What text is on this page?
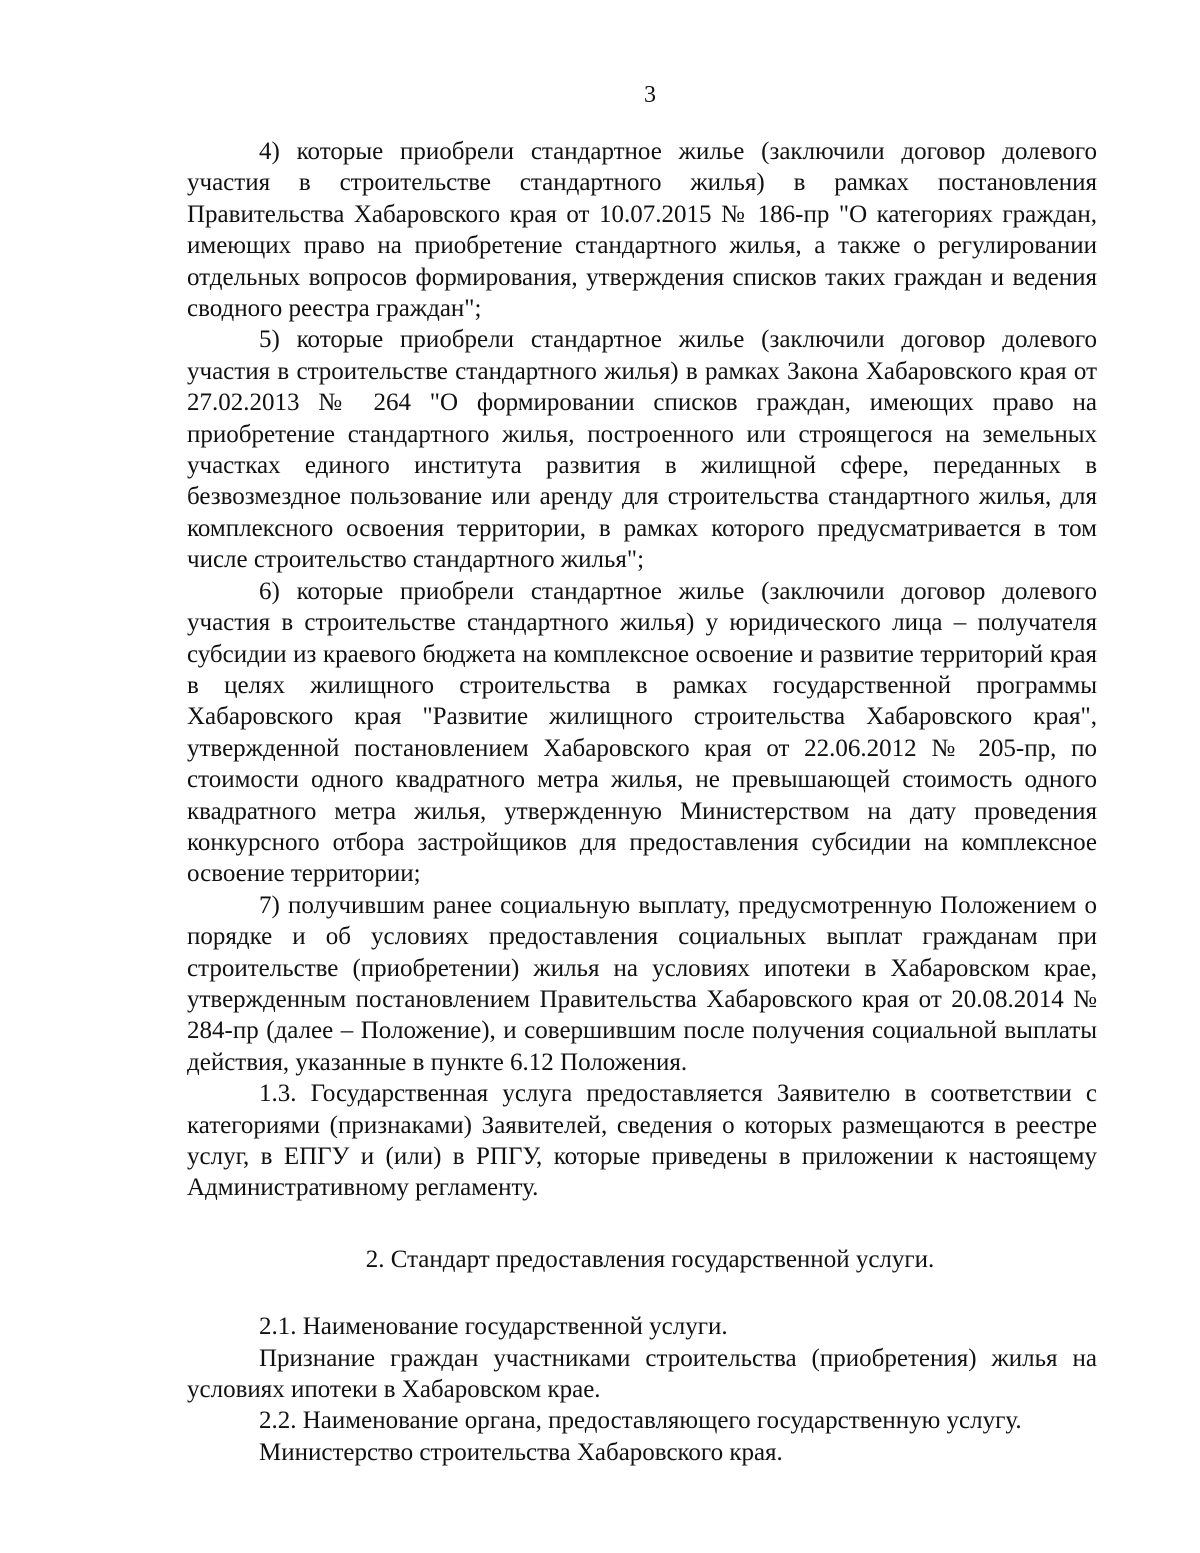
3

4) которые приобрели стандартное жилье (заключили договор долевого участия в строительстве стандартного жилья) в рамках постановления Правительства Хабаровского края от 10.07.2015 № 186-пр "О категориях граждан, имеющих право на приобретение стандартного жилья, а также о регулировании отдельных вопросов формирования, утверждения списков таких граждан и ведения сводного реестра граждан";

5) которые приобрели стандартное жилье (заключили договор долевого участия в строительстве стандартного жилья) в рамках Закона Хабаровского края от 27.02.2013 № 264 "О формировании списков граждан, имеющих право на приобретение стандартного жилья, построенного или строящегося на земельных участках единого института развития в жилищной сфере, переданных в безвозмездное пользование или аренду для строительства стандартного жилья, для комплексного освоения территории, в рамках которого предусматривается в том числе строительство стандартного жилья";

6) которые приобрели стандартное жилье (заключили договор долевого участия в строительстве стандартного жилья) у юридического лица – получателя субсидии из краевого бюджета на комплексное освоение и развитие территорий края в целях жилищного строительства в рамках государственной программы Хабаровского края "Развитие жилищного строительства Хабаровского края", утвержденной постановлением Хабаровского края от 22.06.2012 № 205-пр, по стоимости одного квадратного метра жилья, не превышающей стоимость одного квадратного метра жилья, утвержденную Министерством на дату проведения конкурсного отбора застройщиков для предоставления субсидии на комплексное освоение территории;

7) получившим ранее социальную выплату, предусмотренную Положением о порядке и об условиях предоставления социальных выплат гражданам при строительстве (приобретении) жилья на условиях ипотеки в Хабаровском крае, утвержденным постановлением Правительства Хабаровского края от 20.08.2014 № 284-пр (далее – Положение), и совершившим после получения социальной выплаты действия, указанные в пункте 6.12 Положения.

1.3. Государственная услуга предоставляется Заявителю в соответствии с категориями (признаками) Заявителей, сведения о которых размещаются в реестре услуг, в ЕПГУ и (или) в РПГУ, которые приведены в приложении к настоящему Административному регламенту.

2. Стандарт предоставления государственной услуги.

2.1. Наименование государственной услуги.

Признание граждан участниками строительства (приобретения) жилья на условиях ипотеки в Хабаровском крае.

2.2. Наименование органа, предоставляющего государственную услугу.

Министерство строительства Хабаровского края.
